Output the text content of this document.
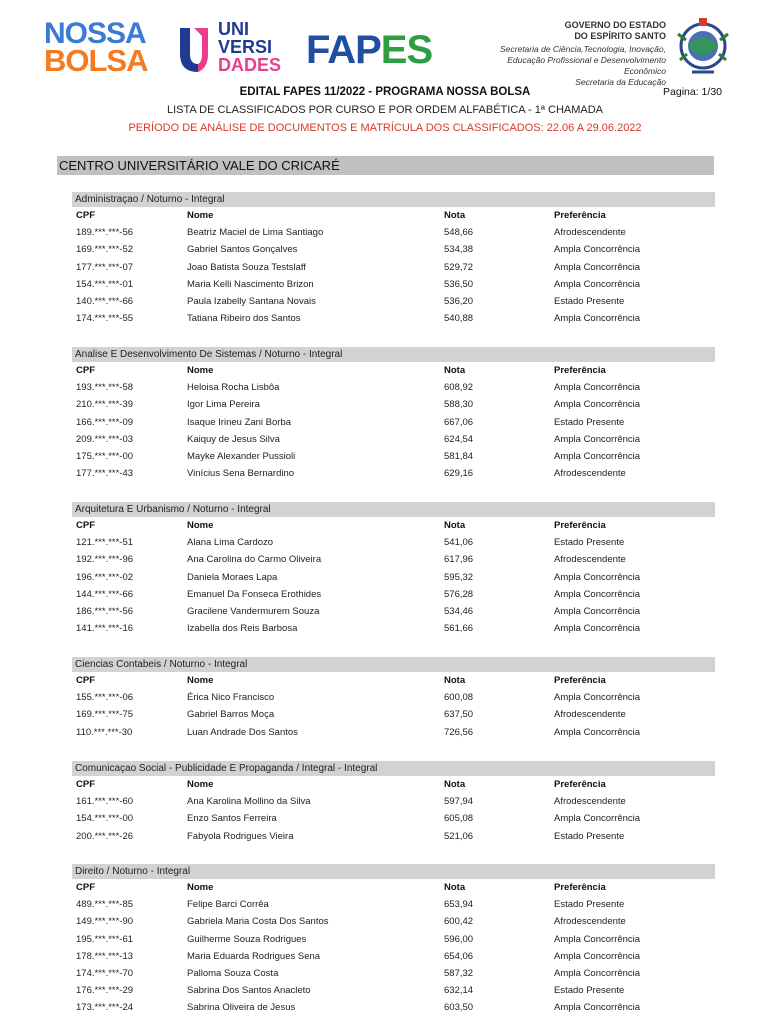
NOSSA
BOLSA
UNI
VERSI
DADES FAPES
GOVERNO DO ESTADO
DO ESPÍRITO SANTO
Secretaria de Ciência,Tecnologia, Inovação,
Educação Profissional e Desenvolvimento Econômico
Secretaria da Educação
EDITAL FAPES 11/2022 - PROGRAMA NOSSA BOLSA	Pagina: 1/30
LISTA DE CLASSIFICADOS POR CURSO E POR ORDEM ALFABÉTICA - 1ª CHAMADA
PERÍODO DE ANÁLISE DE DOCUMENTOS E MATRÍCULA DOS CLASSIFICADOS: 22.06 A 29.06.2022
CENTRO UNIVERSITÁRIO VALE DO CRICARÉ
Administraçao / Noturno - Integral
CPF	Nome	Nota	Preferência
189.***.***-56	Beatriz Maciel de Lima Santiago	548,66	Afrodescendente
169.***.***-52	Gabriel Santos Gonçalves	534,38	Ampla Concorrência
177.***.***-07	Joao Batista Souza Testslaff	529,72	Ampla Concorrência
154.***.***-01	Maria Kelli Nascimento Brizon	536,50	Ampla Concorrência
140.***.***-66	Paula Izabelly Santana Novais	536,20	Estado Presente
174.***.***-55	Tatiana Ribeiro dos Santos	540,88	Ampla Concorrência
Analise E Desenvolvimento De Sistemas / Noturno - Integral
CPF	Nome	Nota	Preferência
193.***.***-58	Heloisa Rocha Lisbôa	608,92	Ampla Concorrência
210.***.***-39	Igor Lima Pereira	588,30	Ampla Concorrência
166.***.***-09	Isaque Irineu Zani Borba	667,06	Estado Presente
209.***.***-03	Kaiquy de Jesus Silva	624,54	Ampla Concorrência
175.***.***-00	Mayke Alexander Pussioli	581,84	Ampla Concorrência
177.***.***-43	Vinícius Sena Bernardino	629,16	Afrodescendente
Arquitetura E Urbanismo / Noturno - Integral
CPF	Nome	Nota	Preferência
121.***.***-51	Alana Lima Cardozo	541,06	Estado Presente
192.***.***-96	Ana Carolina do Carmo Oliveira	617,96	Afrodescendente
196.***.***-02	Daniela Moraes Lapa	595,32	Ampla Concorrência
144.***.***-66	Emanuel Da Fonseca Erothides	576,28	Ampla Concorrência
186.***.***-56	Gracilene Vandermurem Souza	534,46	Ampla Concorrência
141.***.***-16	Izabella dos Reis Barbosa	561,66	Ampla Concorrência
Ciencias Contabeis / Noturno - Integral
CPF	Nome	Nota	Preferência
155.***.***-06	Érica Nico Francisco	600,08	Ampla Concorrência
169.***.***-75	Gabriel Barros Moça	637,50	Afrodescendente
110.***.***-30	Luan Andrade Dos Santos	726,56	Ampla Concorrência
Comunicaçao Social - Publicidade E Propaganda / Integral - Integral
CPF	Nome	Nota	Preferência
161.***.***-60	Ana Karolina Mollino da Silva	597,94	Afrodescendente
154.***.***-00	Enzo Santos Ferreira	605,08	Ampla Concorrência
200.***.***-26	Fabyola Rodrigues Vieira	521,06	Estado Presente
Direito / Noturno - Integral
CPF	Nome	Nota	Preferência
489.***.***-85	Felipe Barci Corrêa	653,94	Estado Presente
149.***.***-90	Gabriela Maria Costa Dos Santos	600,42	Afrodescendente
195.***.***-61	Guilherme Souza Rodrigues	596,00	Ampla Concorrência
178.***.***-13	Maria Eduarda Rodrigues Sena	654,06	Ampla Concorrência
174.***.***-70	Palloma Souza Costa	587,32	Ampla Concorrência
176.***.***-29	Sabrina Dos Santos Anacleto	632,14	Estado Presente
173.***.***-24	Sabrina Oliveira de Jesus	603,50	Ampla Concorrência
